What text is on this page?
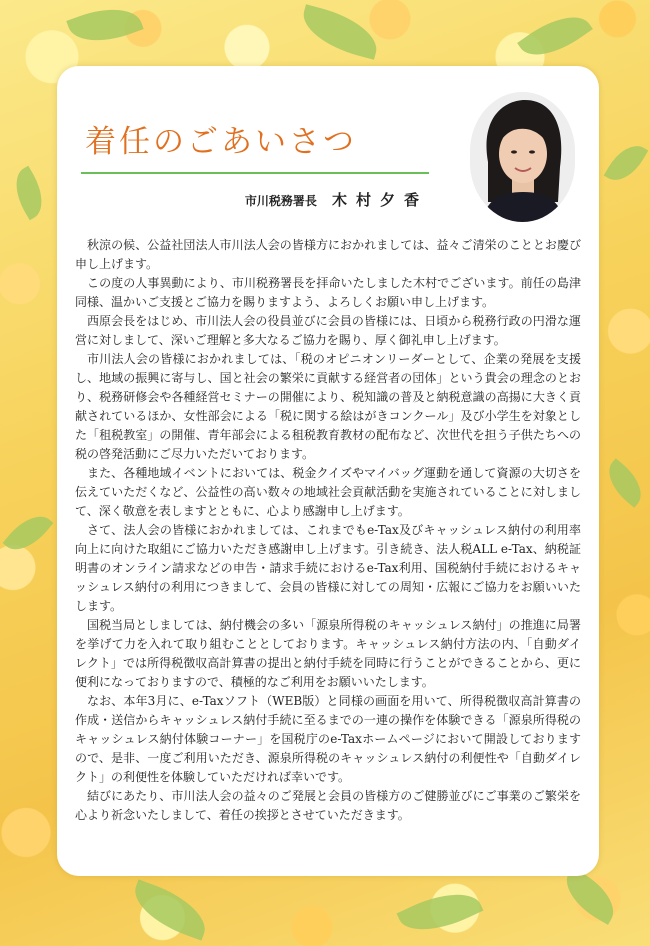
着任のごあいさつ
市川税務署長 木村夕香

秋涼の候、公益社団法人市川法人会の皆様方におかれましては、益々ご清栄のこととお慶び申し上げます。

この度の人事異動により、市川税務署長を拝命いたしました木村でございます。前任の島津同様、温かいご支援とご協力を賜りますよう、よろしくお願い申し上げます。

西原会長をはじめ、市川法人会の役員並びに会員の皆様には、日頃から税務行政の円滑な運営に対しまして、深いご理解と多大なるご協力を賜り、厚く御礼申し上げます。

市川法人会の皆様におかれましては、「税のオピニオンリーダーとして、企業の発展を支援し、地域の振興に寄与し、国と社会の繁栄に貢献する経営者の団体」という貴会の理念のとおり、税務研修会や各種経営セミナーの開催により、税知識の普及と納税意識の高揚に大きく貢献されているほか、女性部会による「税に関する絵はがきコンクール」及び小学生を対象とした「租税教室」の開催、青年部会による租税教育教材の配布など、次世代を担う子供たちへの税の啓発活動にご尽力いただいております。

また、各種地域イベントにおいては、税金クイズやマイバッグ運動を通して資源の大切さを伝えていただくなど、公益性の高い数々の地域社会貢献活動を実施されていることに対しまして、深く敬意を表しますとともに、心より感謝申し上げます。

さて、法人会の皆様におかれましては、これまでもe-Tax及びキャッシュレス納付の利用率向上に向けた取組にご協力いただき感謝申し上げます。引き続き、法人税ALL e-Tax、納税証明書のオンライン請求などの申告・請求手続におけるe-Tax利用、国税納付手続におけるキャッシュレス納付の利用につきまして、会員の皆様に対しての周知・広報にご協力をお願いいたします。

国税当局としましては、納付機会の多い「源泉所得税のキャッシュレス納付」の推進に局署を挙げて力を入れて取り組むこととしております。キャッシュレス納付方法の内、「自動ダイレクト」では所得税徴収高計算書の提出と納付手続を同時に行うことができることから、更に便利になっておりますので、積極的なご利用をお願いいたします。

なお、本年3月に、e-Taxソフト（WEB版）と同様の画面を用いて、所得税徴収高計算書の作成・送信からキャッシュレス納付手続に至るまでの一連の操作を体験できる「源泉所得税のキャッシュレス納付体験コーナー」を国税庁のe-Taxホームページにおいて開設しておりますので、是非、一度ご利用いただき、源泉所得税のキャッシュレス納付の利便性や「自動ダイレクト」の利便性を体験していただければ幸いです。

結びにあたり、市川法人会の益々のご発展と会員の皆様方のご健勝並びにご事業のご繁栄を心より祈念いたしまして、着任の挨拶とさせていただきます。
